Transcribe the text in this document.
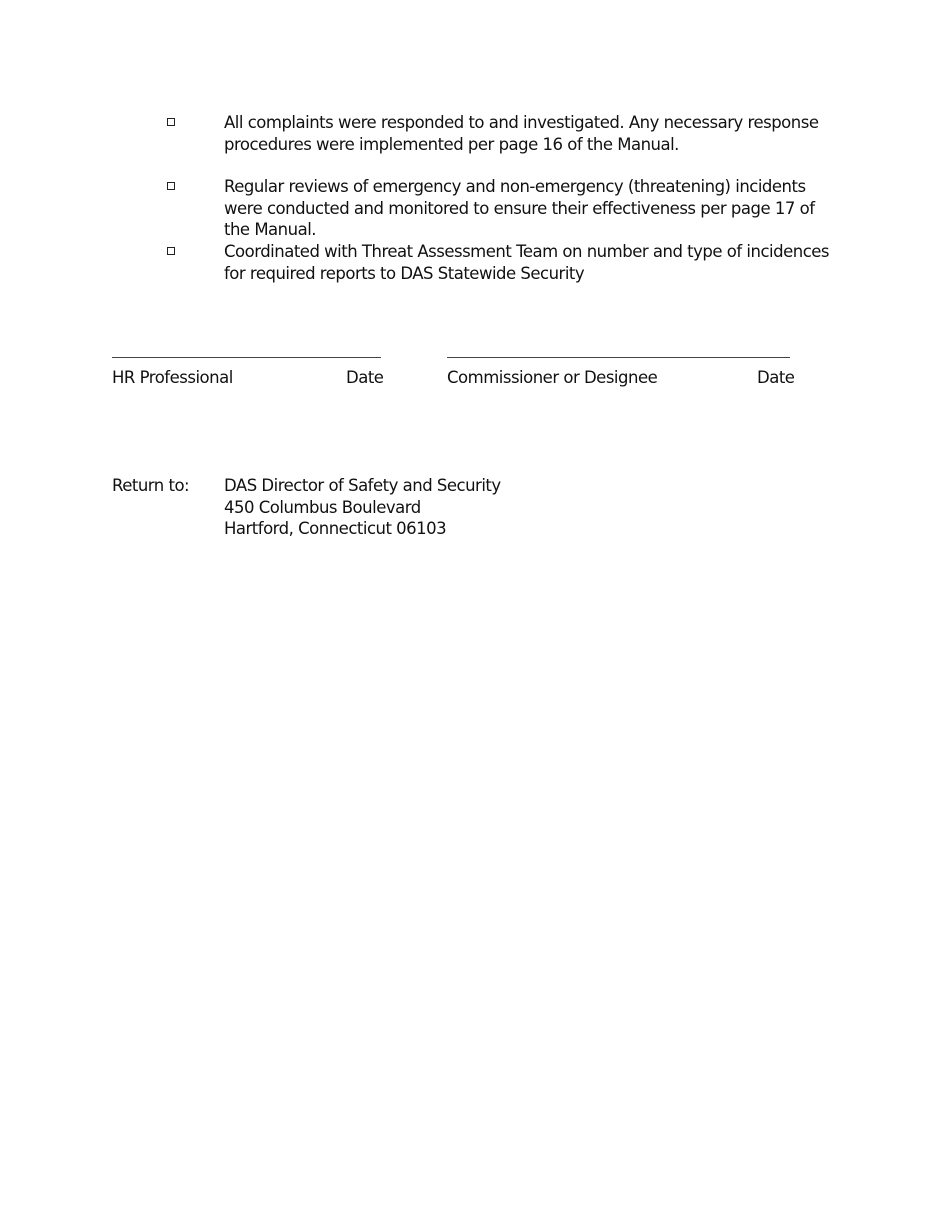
All complaints were responded to and investigated. Any necessary response procedures were implemented per page 16 of the Manual.
Regular reviews of emergency and non-emergency (threatening) incidents were conducted and monitored to ensure their effectiveness per page 17 of the Manual.
Coordinated with Threat Assessment Team on number and type of incidences for required reports to DAS Statewide Security
HR Professional	Date	Commissioner or Designee	Date
Return to: DAS Director of Safety and Security
450 Columbus Boulevard
Hartford, Connecticut 06103
